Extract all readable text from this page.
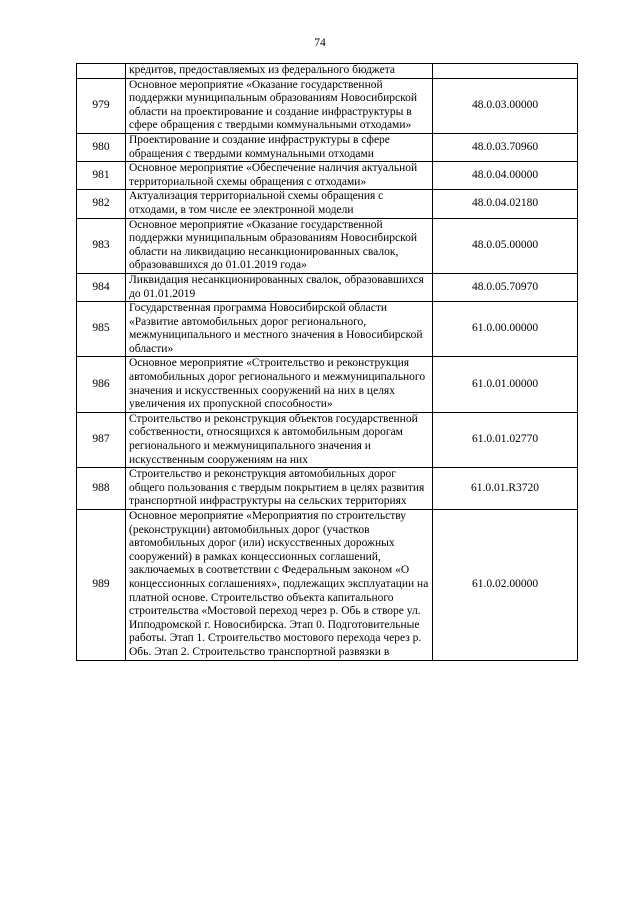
74
	кредитов, предоставляемых из федерального бюджета	
979	Основное мероприятие «Оказание государственной поддержки муниципальным образованиям Новосибирской области на проектирование и создание инфраструктуры в сфере обращения с твердыми коммунальными отходами»	48.0.03.00000
980	Проектирование и создание инфраструктуры в сфере обращения с твердыми коммунальными отходами	48.0.03.70960
981	Основное мероприятие «Обеспечение наличия актуальной территориальной схемы обращения с отходами»	48.0.04.00000
982	Актуализация территориальной схемы обращения с отходами, в том числе ее электронной модели	48.0.04.02180
983	Основное мероприятие «Оказание государственной поддержки муниципальным образованиям Новосибирской области на ликвидацию несанкционированных свалок, образовавшихся до 01.01.2019 года»	48.0.05.00000
984	Ликвидация несанкционированных свалок, образовавшихся до 01.01.2019	48.0.05.70970
985	Государственная программа Новосибирской области «Развитие автомобильных дорог регионального, межмуниципального и местного значения в Новосибирской области»	61.0.00.00000
986	Основное мероприятие «Строительство и реконструкция автомобильных дорог регионального и межмуниципального значения и искусственных сооружений на них в целях увеличения их пропускной способности»	61.0.01.00000
987	Строительство и реконструкция объектов государственной собственности, относящихся к автомобильным дорогам регионального и межмуниципального значения и искусственным сооружениям на них	61.0.01.02770
988	Строительство и реконструкция автомобильных дорог общего пользования с твердым покрытием в целях развития транспортной инфраструктуры на сельских территориях	61.0.01.R3720
989	Основное мероприятие «Мероприятия по строительству (реконструкции) автомобильных дорог (участков автомобильных дорог (или) искусственных дорожных сооружений) в рамках концессионных соглашений, заключаемых в соответствии с Федеральным законом «О концессионных соглашениях», подлежащих эксплуатации на платной основе. Строительство объекта капитального строительства «Мостовой переход через р. Обь в створе ул. Ипподромской г. Новосибирска. Этап 0. Подготовительные работы. Этап 1. Строительство мостового перехода через р. Обь. Этап 2. Строительство транспортной развязки в	61.0.02.00000
